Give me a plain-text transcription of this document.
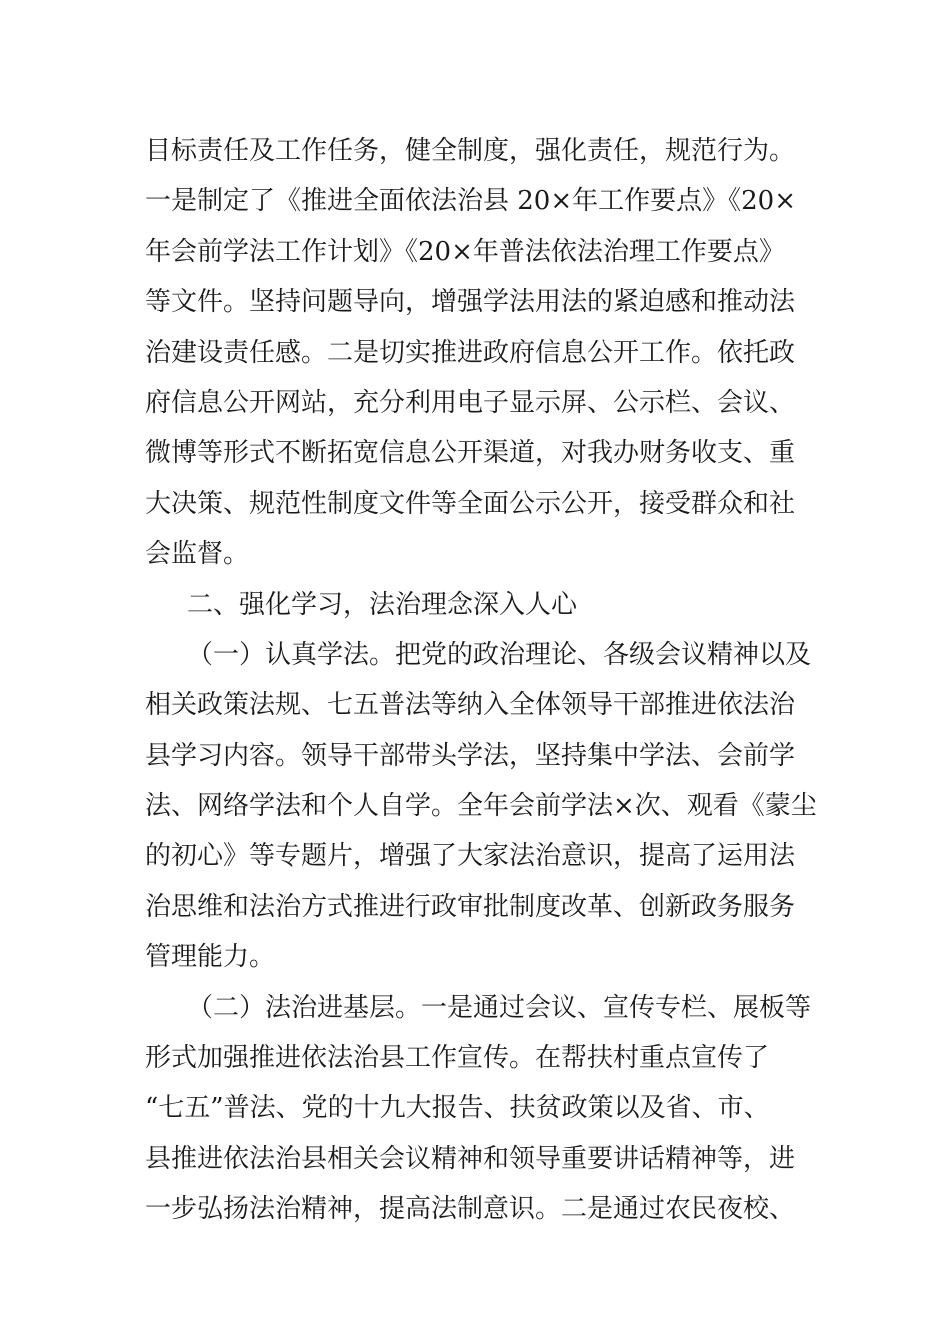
目标责任及工作任务，健全制度，强化责任，规范行为。
一是制定了《推进全面依法治县 20×年工作要点》《20×
年会前学法工作计划》《20×年普法依法治理工作要点》
等文件。坚持问题导向，增强学法用法的紧迫感和推动法
治建设责任感。二是切实推进政府信息公开工作。依托政
府信息公开网站，充分利用电子显示屏、公示栏、会议、
微博等形式不断拓宽信息公开渠道，对我办财务收支、重
大决策、规范性制度文件等全面公示公开，接受群众和社
会监督。
二、强化学习，法治理念深入人心
（一）认真学法。把党的政治理论、各级会议精神以及
相关政策法规、七五普法等纳入全体领导干部推进依法治
县学习内容。领导干部带头学法，坚持集中学法、会前学
法、网络学法和个人自学。全年会前学法×次、观看《蒙尘
的初心》等专题片，增强了大家法治意识，提高了运用法
治思维和法治方式推进行政审批制度改革、创新政务服务
管理能力。
（二）法治进基层。一是通过会议、宣传专栏、展板等
形式加强推进依法治县工作宣传。在帮扶村重点宣传了
“七五”普法、党的十九大报告、扶贫政策以及省、市、
县推进依法治县相关会议精神和领导重要讲话精神等，进
一步弘扬法治精神，提高法制意识。二是通过农民夜校、
